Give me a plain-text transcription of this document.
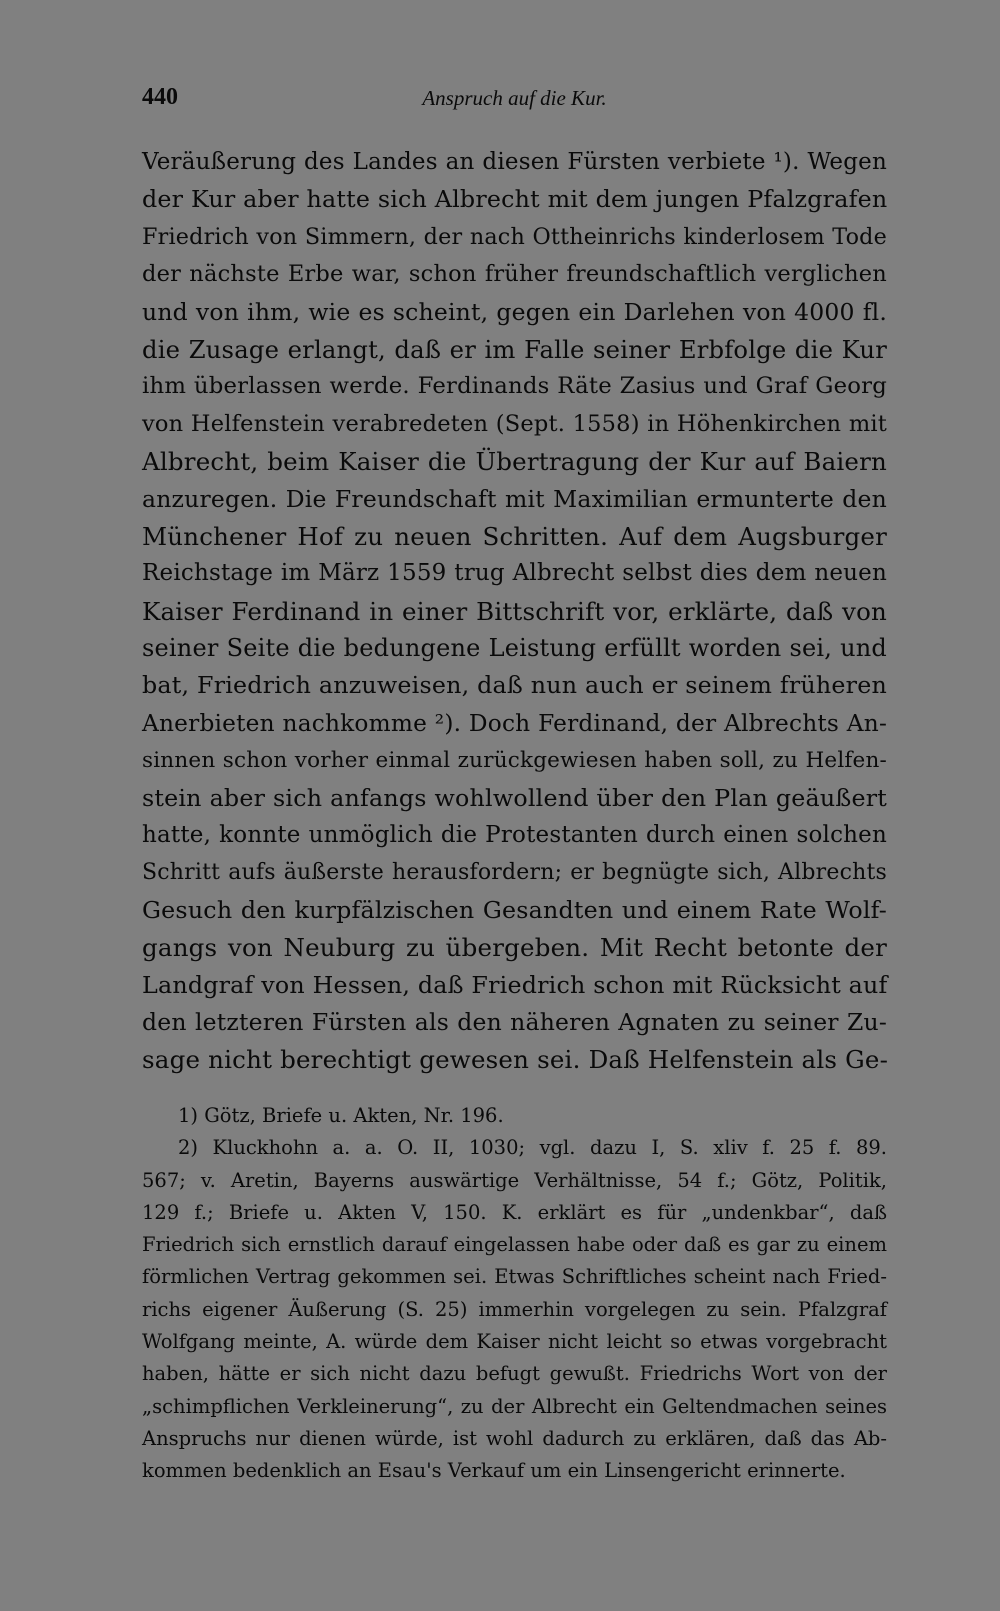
440	Anspruch auf die Kur.
Veräußerung des Landes an diesen Fürsten verbiete ¹). Wegen
der Kur aber hatte sich Albrecht mit dem jungen Pfalzgrafen
Friedrich von Simmern, der nach Ottheinrichs kinderlosem Tode
der nächste Erbe war, schon früher freundschaftlich verglichen
und von ihm, wie es scheint, gegen ein Darlehen von 4000 fl.
die Zusage erlangt, daß er im Falle seiner Erbfolge die Kur
ihm überlassen werde. Ferdinands Räte Zasius und Graf Georg
von Helfenstein verabredeten (Sept. 1558) in Höhenkirchen mit
Albrecht, beim Kaiser die Übertragung der Kur auf Baiern
anzuregen. Die Freundschaft mit Maximilian ermunterte den
Münchener Hof zu neuen Schritten. Auf dem Augsburger
Reichstage im März 1559 trug Albrecht selbst dies dem neuen
Kaiser Ferdinand in einer Bittschrift vor, erklärte, daß von
seiner Seite die bedungene Leistung erfüllt worden sei, und
bat, Friedrich anzuweisen, daß nun auch er seinem früheren
Anerbieten nachkomme ²). Doch Ferdinand, der Albrechts An-
sinnen schon vorher einmal zurückgewiesen haben soll, zu Helfen-
stein aber sich anfangs wohlwollend über den Plan geäußert
hatte, konnte unmöglich die Protestanten durch einen solchen
Schritt aufs äußerste herausfordern; er begnügte sich, Albrechts
Gesuch den kurpfälzischen Gesandten und einem Rate Wolf-
gangs von Neuburg zu übergeben. Mit Recht betonte der
Landgraf von Hessen, daß Friedrich schon mit Rücksicht auf
den letzteren Fürsten als den näheren Agnaten zu seiner Zu-
sage nicht berechtigt gewesen sei. Daß Helfenstein als Ge-
1) Götz, Briefe u. Akten, Nr. 196.
2) Kluckhohn a. a. O. II, 1030; vgl. dazu I, S. xliv f. 25 f. 89.
567; v. Aretin, Bayerns auswärtige Verhältnisse, 54 f.; Götz, Politik,
129 f.; Briefe u. Akten V, 150. K. erklärt es für „undenkbar“, daß
Friedrich sich ernstlich darauf eingelassen habe oder daß es gar zu einem
förmlichen Vertrag gekommen sei. Etwas Schriftliches scheint nach Fried-
richs eigener Äußerung (S. 25) immerhin vorgelegen zu sein. Pfalzgraf
Wolfgang meinte, A. würde dem Kaiser nicht leicht so etwas vorgebracht
haben, hätte er sich nicht dazu befugt gewußt. Friedrichs Wort von der
„schimpflichen Verkleinerung“, zu der Albrecht ein Geltendmachen seines
Anspruchs nur dienen würde, ist wohl dadurch zu erklären, daß das Ab-
kommen bedenklich an Esau's Verkauf um ein Linsengericht erinnerte.
